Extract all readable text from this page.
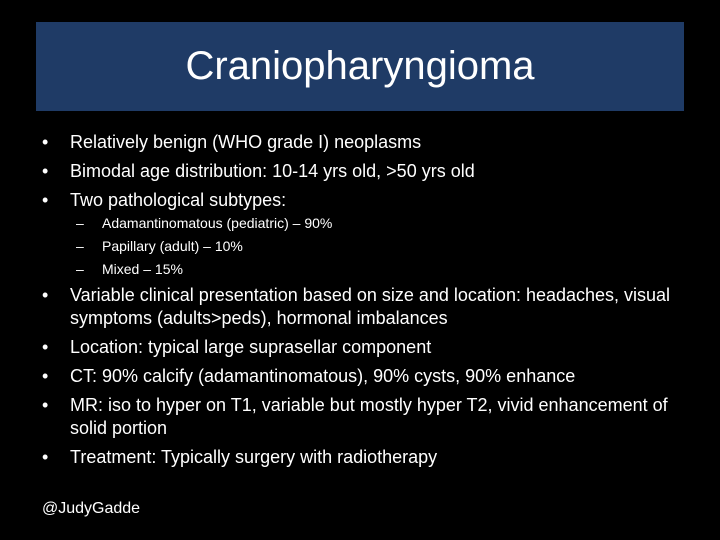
Craniopharyngioma
• Relatively benign (WHO grade I) neoplasms
• Bimodal age distribution: 10-14 yrs old, >50 yrs old
• Two pathological subtypes:
– Adamantinomatous (pediatric) – 90%
– Papillary (adult) – 10%
– Mixed – 15%
• Variable clinical presentation based on size and location: headaches, visual symptoms (adults>peds), hormonal imbalances
• Location: typical large suprasellar component
• CT: 90% calcify (adamantinomatous), 90% cysts, 90% enhance
• MR: iso to hyper on T1, variable but mostly hyper T2, vivid enhancement of solid portion
• Treatment: Typically surgery with radiotherapy
@JudyGadde
